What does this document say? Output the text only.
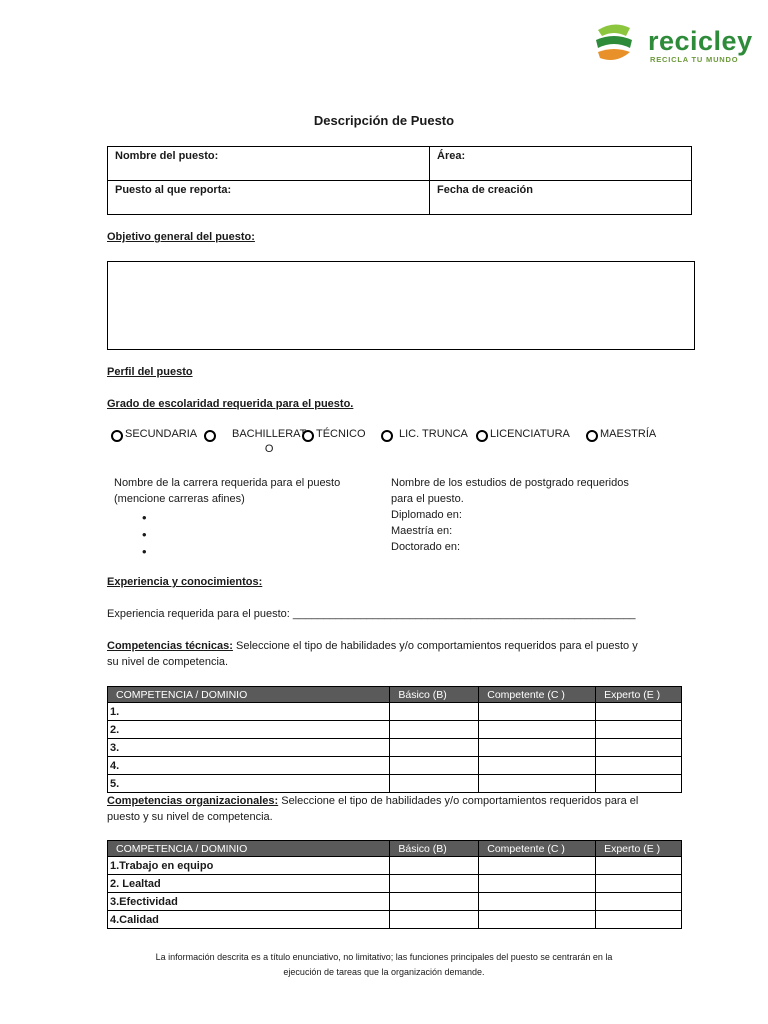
recicley
RECICLA TU MUNDO
Descripción de Puesto
Nombre del puesto:	Área:
Puesto al que reporta:	Fecha de creación
Objetivo general del puesto:
Perfil del puesto
Grado de escolaridad requerida para el puesto.
SECUNDARIA	BACHILLERAT
O
TÉCNICO	LIC. TRUNCA LICENCIATURA	MAESTRÍA
Nombre de la carrera requerida para el puesto
(mencione carreras afines)
•
•
•
Nombre de los estudios de postgrado requeridos
para el puesto.
Diplomado en:
Maestría en:
Doctorado en:
Experiencia y conocimientos:
Experiencia requerida para el puesto: ________________________________________________________
Competencias técnicas: Seleccione el tipo de habilidades y/o comportamientos requeridos para el puesto y
su nivel de competencia.
COMPETENCIA / DOMINIO	Básico (B)	Competente (C )	Experto (E )
1.			
2.			
3.			
4.			
5.			
Competencias organizacionales: Seleccione el tipo de habilidades y/o comportamientos requeridos para el
puesto y su nivel de competencia.
COMPETENCIA / DOMINIO	Básico (B)	Competente (C )	Experto (E )
1.Trabajo en equipo			
2. Lealtad			
3.Efectividad			
4.Calidad			
La información descrita es a título enunciativo, no limitativo; las funciones principales del puesto se centrarán en la
ejecución de tareas que la organización demande.
